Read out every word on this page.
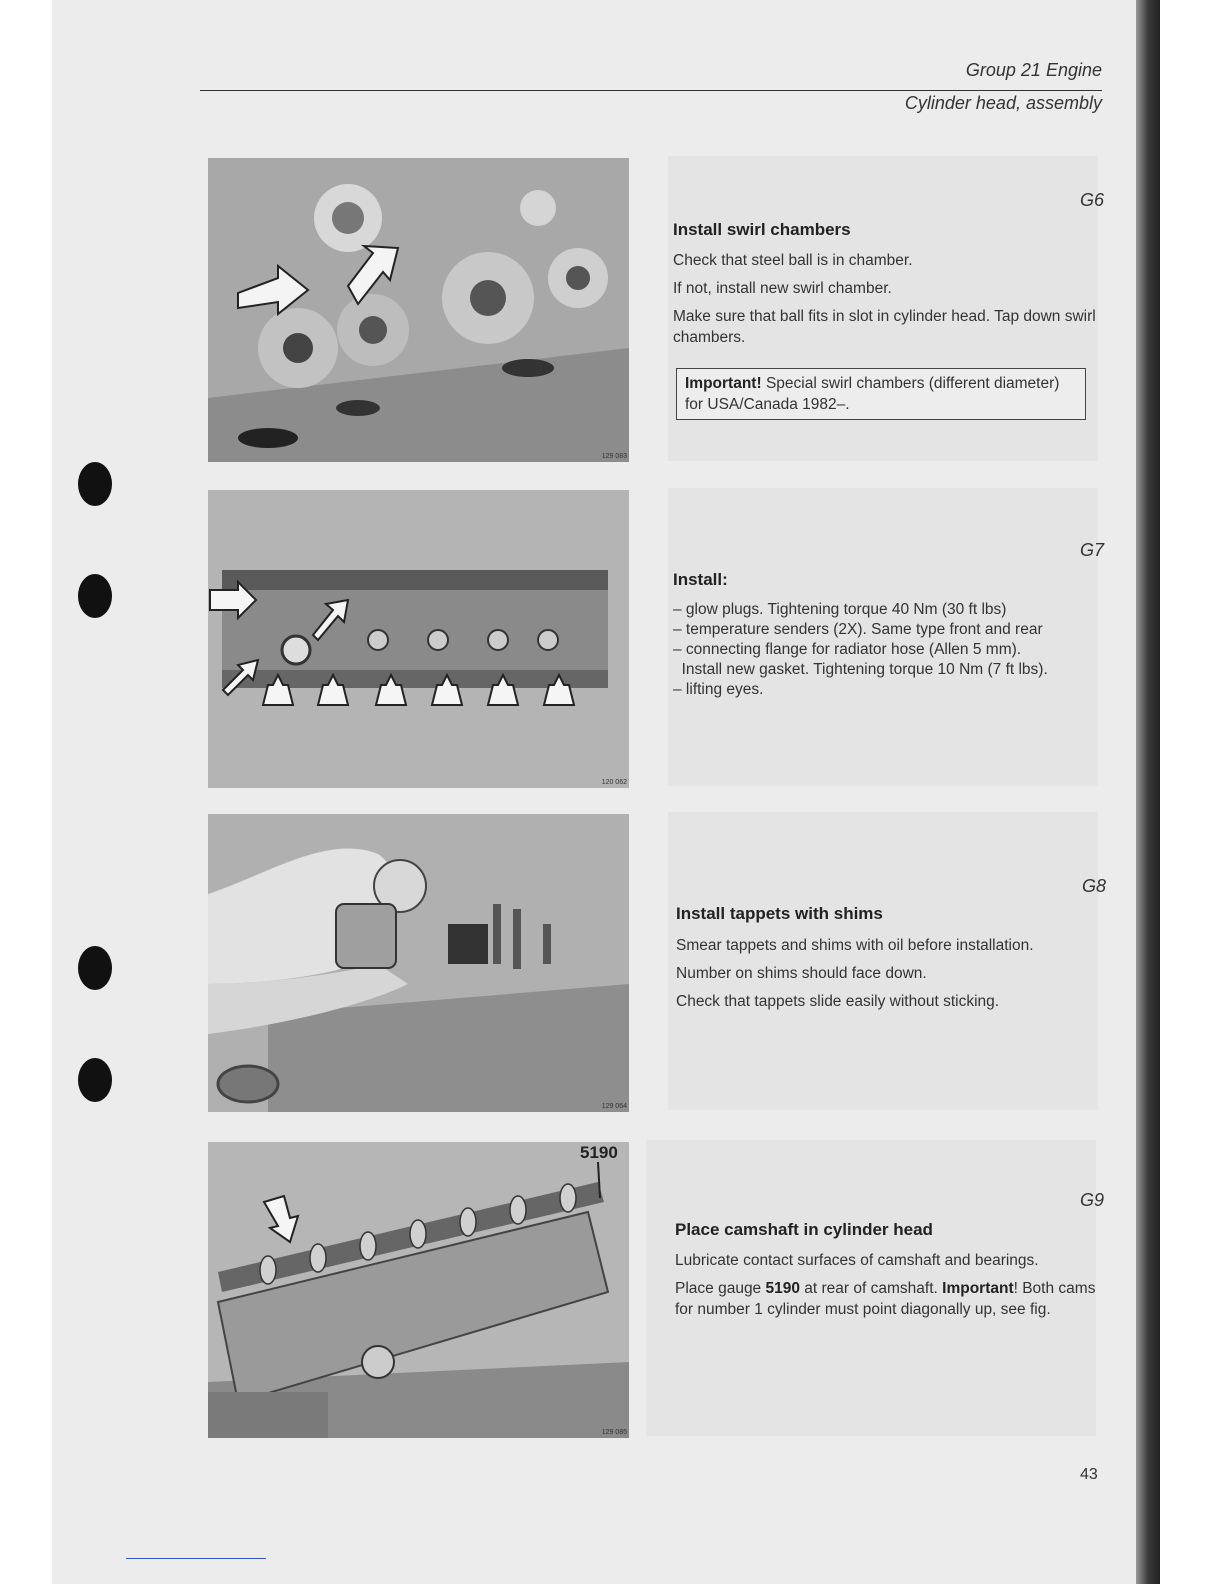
Group 21 Engine
Cylinder head, assembly
129 083
G6
Install swirl chambers
Check that steel ball is in chamber.
If not, install new swirl chamber.
Make sure that ball fits in slot in cylinder head. Tap down swirl chambers.
Important! Special swirl chambers (different diameter) for USA/Canada 1982–.
120 062
G7
Install:
– glow plugs. Tightening torque 40 Nm (30 ft lbs)
– temperature senders (2X). Same type front and rear
– connecting flange for radiator hose (Allen 5 mm).
Install new gasket. Tightening torque 10 Nm (7 ft lbs).
– lifting eyes.
129 064
G8
Install tappets with shims
Smear tappets and shims with oil before installation.
Number on shims should face down.
Check that tappets slide easily without sticking.
129 085
5190
G9
Place camshaft in cylinder head
Lubricate contact surfaces of camshaft and bearings.
Place gauge 5190 at rear of camshaft. Important! Both cams for number 1 cylinder must point diagonally up, see fig.
43
